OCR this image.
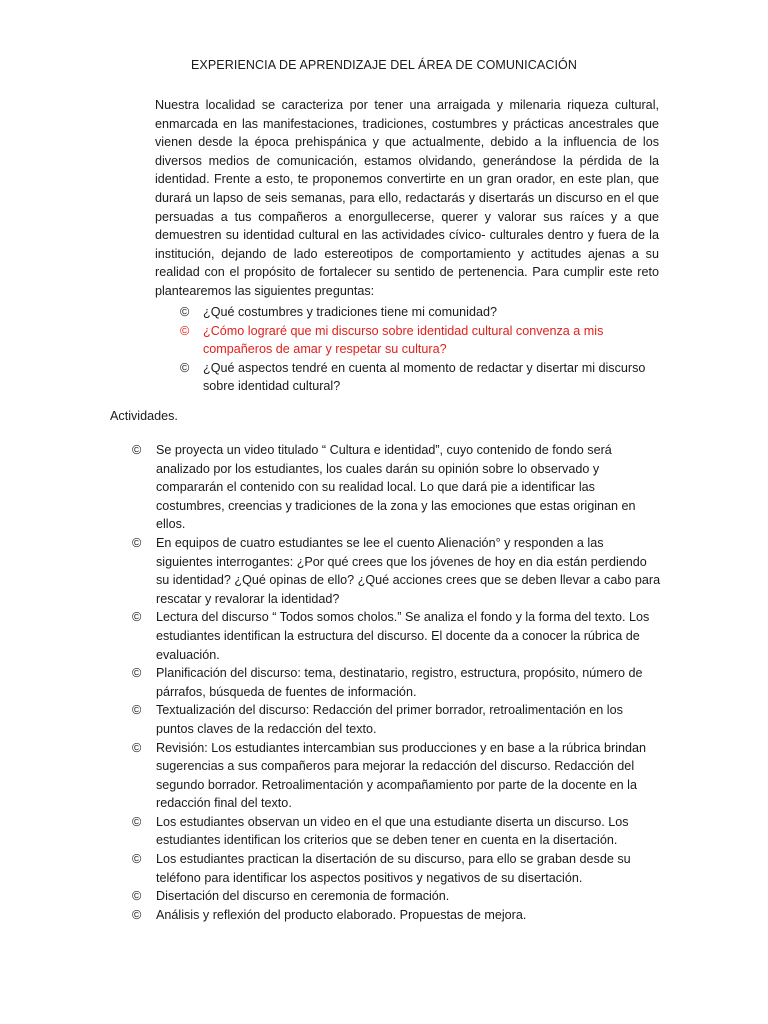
EXPERIENCIA DE APRENDIZAJE DEL ÁREA DE COMUNICACIÓN

Nuestra localidad se caracteriza por tener una arraigada y milenaria riqueza cultural, enmarcada en las manifestaciones, tradiciones, costumbres y prácticas ancestrales que vienen desde la época prehispánica y que actualmente, debido a la influencia de los diversos medios de comunicación, estamos olvidando, generándose la pérdida de la identidad. Frente a esto, te proponemos convertirte en un gran orador, en este plan, que durará un lapso de seis semanas, para ello, redactarás y disertarás un discurso en el que persuadas a tus compañeros a enorgullecerse, querer y valorar sus raíces y a que demuestren su identidad cultural en las actividades cívico- culturales dentro y fuera de la institución, dejando de lado estereotipos de comportamiento y actitudes ajenas a su realidad con el propósito de fortalecer su sentido de pertenencia. Para cumplir este reto plantearemos las siguientes preguntas:

© ¿Qué costumbres y tradiciones tiene mi comunidad?
© ¿Cómo lograré que mi discurso sobre identidad cultural convenza a mis compañeros de amar y respetar su cultura?
© ¿Qué aspectos tendré en cuenta al momento de redactar y disertar mi discurso sobre identidad cultural?
Actividades.
© Se proyecta un video titulado “ Cultura e identidad”, cuyo contenido de fondo será analizado por los estudiantes, los cuales darán su opinión sobre lo observado y compararán el contenido con su realidad local. Lo que dará pie a identificar las costumbres, creencias y tradiciones de la zona y las emociones que estas originan en ellos.
© En equipos de cuatro estudiantes se lee el cuento Alienación° y responden a las siguientes interrogantes: ¿Por qué crees que los jóvenes de hoy en dia están perdiendo su identidad? ¿Qué opinas de ello? ¿Qué acciones crees que se deben llevar a cabo para rescatar y revalorar la identidad?
© Lectura del discurso “ Todos somos cholos.” Se analiza el fondo y la forma del texto. Los estudiantes identifican la estructura del discurso. El docente da a conocer la rúbrica de evaluación.
© Planificación del discurso: tema, destinatario, registro, estructura, propósito, número de párrafos, búsqueda de fuentes de información.
© Textualización del discurso: Redacción del primer borrador, retroalimentación en los puntos claves de la redacción del texto.
© Revisión: Los estudiantes intercambian sus producciones y en base a la rúbrica brindan sugerencias a sus compañeros para mejorar la redacción del discurso. Redacción del segundo borrador. Retroalimentación y acompañamiento por parte de la docente en la redacción final del texto.
© Los estudiantes observan un video en el que una estudiante diserta un discurso. Los estudiantes identifican los criterios que se deben tener en cuenta en la disertación.
© Los estudiantes practican la disertación de su discurso, para ello se graban desde su teléfono para identificar los aspectos positivos y negativos de su disertación.
© Disertación del discurso en ceremonia de formación.
© Análisis y reflexión del producto elaborado. Propuestas de mejora.
